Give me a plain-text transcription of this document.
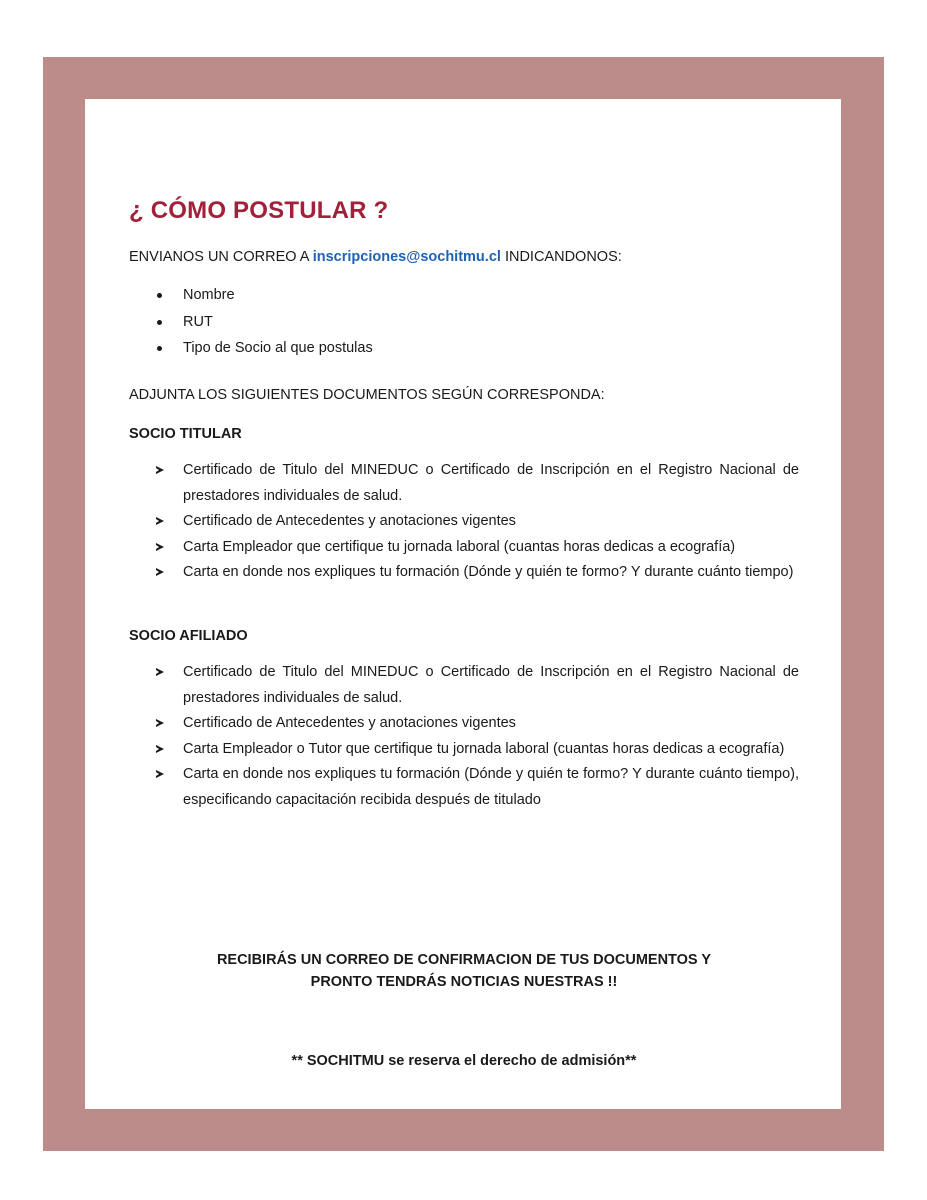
¿ CÓMO POSTULAR ?
ENVIANOS UN CORREO A inscripciones@sochitmu.cl INDICANDONOS:
Nombre
RUT
Tipo de Socio al que postulas
ADJUNTA LOS SIGUIENTES DOCUMENTOS SEGÚN CORRESPONDA:
SOCIO TITULAR
Certificado de Titulo del MINEDUC o Certificado de Inscripción en el Registro Nacional de prestadores individuales de salud.
Certificado de Antecedentes y anotaciones vigentes
Carta Empleador que certifique tu jornada laboral (cuantas horas dedicas a ecografía)
Carta en donde nos expliques tu formación (Dónde y quién te formo? Y durante cuánto tiempo)
SOCIO AFILIADO
Certificado de Titulo del MINEDUC o Certificado de Inscripción en el Registro Nacional de prestadores individuales de salud.
Certificado de Antecedentes y anotaciones vigentes
Carta Empleador o Tutor que certifique tu jornada laboral (cuantas horas dedicas a ecografía)
Carta en donde nos expliques tu formación (Dónde y quién te formo? Y durante cuánto tiempo), especificando capacitación recibida después de titulado
RECIBIRÁS UN CORREO DE CONFIRMACION DE TUS DOCUMENTOS Y
PRONTO TENDRÁS NOTICIAS NUESTRAS !!
** SOCHITMU se reserva el derecho de admisión**
